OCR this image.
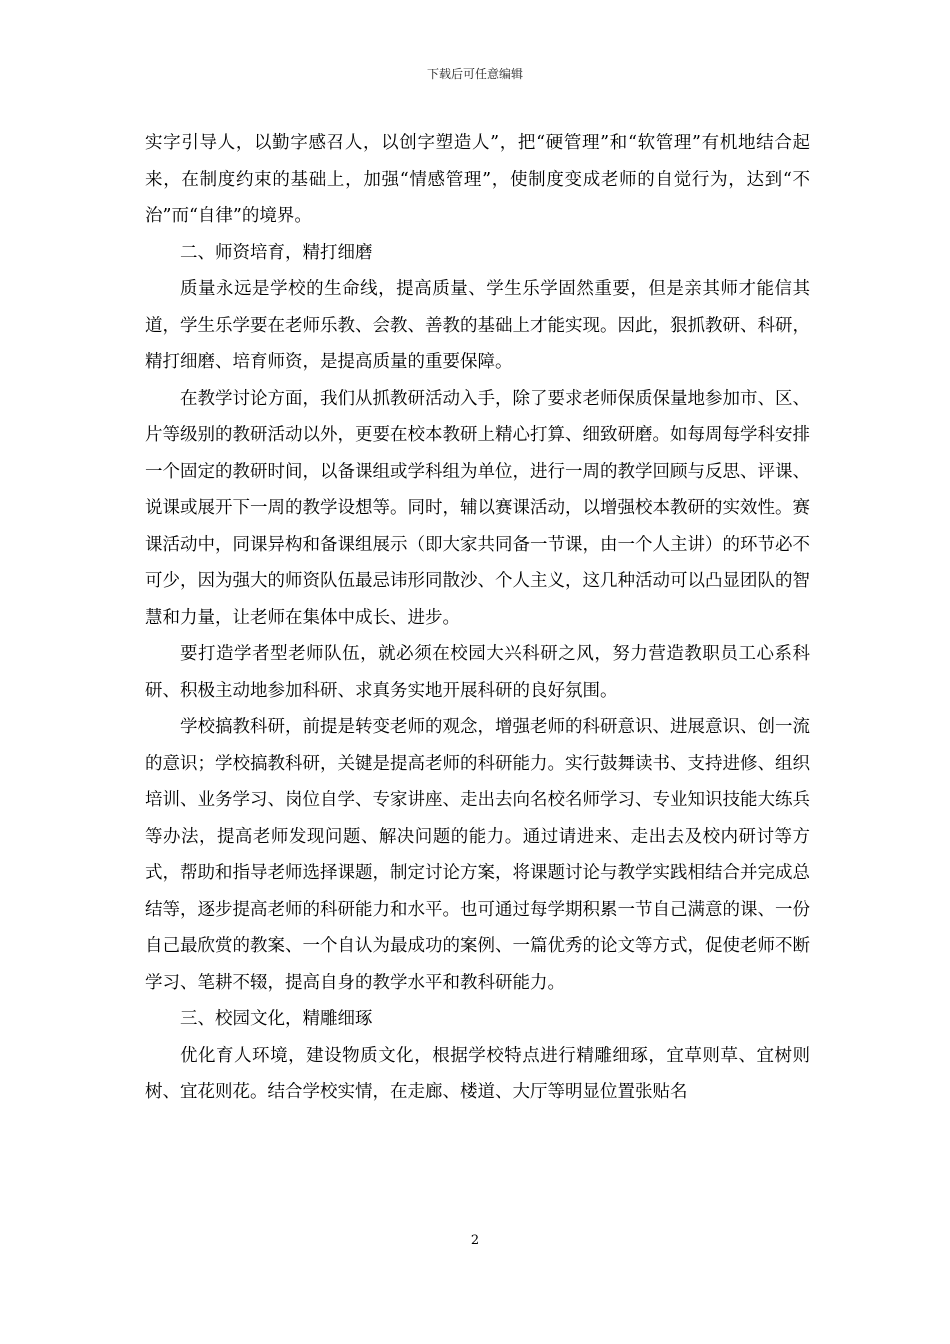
下载后可任意编辑

实字引导人，以勤字感召人，以创字塑造人”，把“硬管理”和“软管理”有机地结合起来，在制度约束的基础上，加强“情感管理”，使制度变成老师的自觉行为，达到“不治”而“自律”的境界。

二、师资培育，精打细磨

质量永远是学校的生命线，提高质量、学生乐学固然重要，但是亲其师才能信其道，学生乐学要在老师乐教、会教、善教的基础上才能实现。因此，狠抓教研、科研，精打细磨、培育师资，是提高质量的重要保障。

在教学讨论方面，我们从抓教研活动入手，除了要求老师保质保量地参加市、区、片等级别的教研活动以外，更要在校本教研上精心打算、细致研磨。如每周每学科安排一个固定的教研时间，以备课组或学科组为单位，进行一周的教学回顾与反思、评课、说课或展开下一周的教学设想等。同时，辅以赛课活动，以增强校本教研的实效性。赛课活动中，同课异构和备课组展示（即大家共同备一节课，由一个人主讲）的环节必不可少，因为强大的师资队伍最忌讳形同散沙、个人主义，这几种活动可以凸显团队的智慧和力量，让老师在集体中成长、进步。

要打造学者型老师队伍，就必须在校园大兴科研之风，努力营造教职员工心系科研、积极主动地参加科研、求真务实地开展科研的良好氛围。

学校搞教科研，前提是转变老师的观念，增强老师的科研意识、进展意识、创一流的意识；学校搞教科研，关键是提高老师的科研能力。实行鼓舞读书、支持进修、组织培训、业务学习、岗位自学、专家讲座、走出去向名校名师学习、专业知识技能大练兵等办法，提高老师发现问题、解决问题的能力。通过请进来、走出去及校内研讨等方式，帮助和指导老师选择课题，制定讨论方案，将课题讨论与教学实践相结合并完成总结等，逐步提高老师的科研能力和水平。也可通过每学期积累一节自己满意的课、一份自己最欣赏的教案、一个自认为最成功的案例、一篇优秀的论文等方式，促使老师不断学习、笔耕不辍，提高自身的教学水平和教科研能力。

三、校园文化，精雕细琢

优化育人环境，建设物质文化，根据学校特点进行精雕细琢，宜草则草、宜树则树、宜花则花。结合学校实情，在走廊、楼道、大厅等明显位置张贴名

2
